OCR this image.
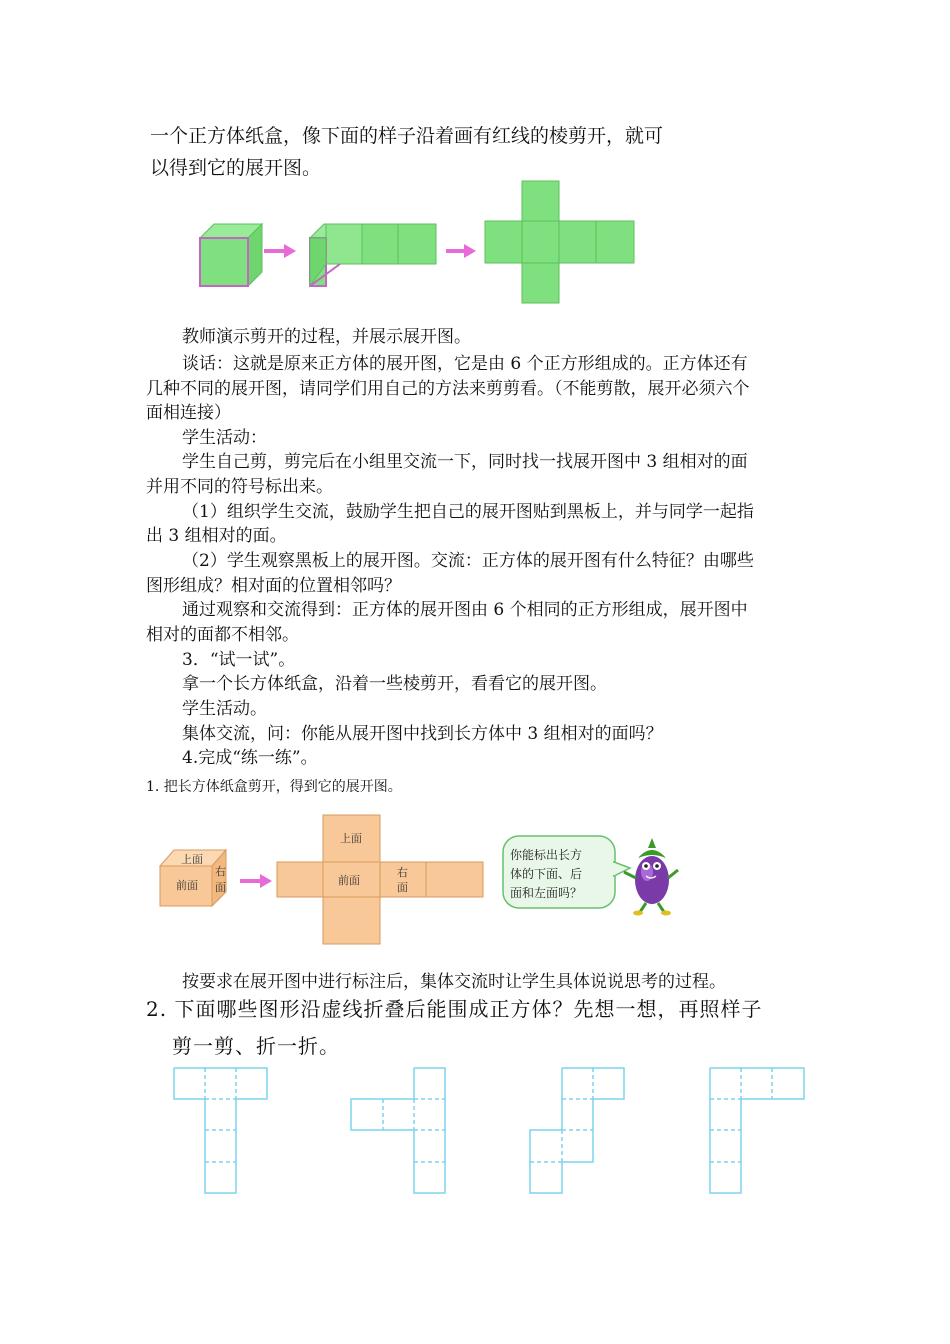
一个正方体纸盒，像下面的样子沿着画有红线的棱剪开，就可
以得到它的展开图。
教师演示剪开的过程，并展示展开图。
谈话：这就是原来正方体的展开图，它是由 6 个正方形组成的。正方体还有
几种不同的展开图，请同学们用自己的方法来剪剪看。（不能剪散，展开必须六个
面相连接）
学生活动：
学生自己剪，剪完后在小组里交流一下，同时找一找展开图中 3 组相对的面
并用不同的符号标出来。
（1）组织学生交流，鼓励学生把自己的展开图贴到黑板上，并与同学一起指
出 3 组相对的面。
（2）学生观察黑板上的展开图。交流：正方体的展开图有什么特征？由哪些
图形组成？相对面的位置相邻吗？
通过观察和交流得到：正方体的展开图由 6 个相同的正方形组成，展开图中
相对的面都不相邻。
3．“试一试”。
拿一个长方体纸盒，沿着一些棱剪开，看看它的展开图。
学生活动。
集体交流，问：你能从展开图中找到长方体中 3 组相对的面吗？
4.完成“练一练”。
1. 把长方体纸盒剪开，得到它的展开图。
上面
前面
右
面
上面
前面
右
面
你能标出长方
体的下面、后
面和左面吗？
按要求在展开图中进行标注后，集体交流时让学生具体说说思考的过程。
2. 下面哪些图形沿虚线折叠后能围成正方体？先想一想，再照样子
剪一剪、折一折。
